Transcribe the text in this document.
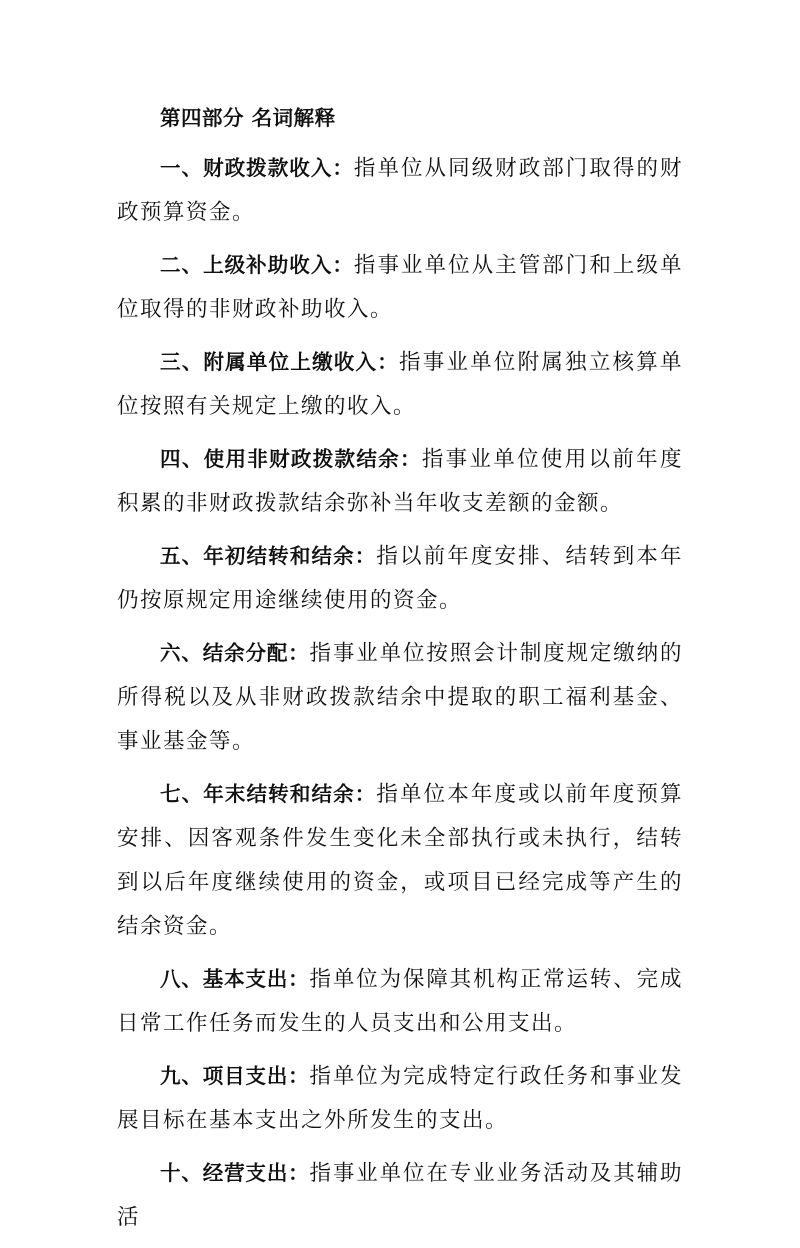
第四部分 名词解释

一、财政拨款收入：指单位从同级财政部门取得的财政预算资金。

二、上级补助收入：指事业单位从主管部门和上级单位取得的非财政补助收入。

三、附属单位上缴收入：指事业单位附属独立核算单位按照有关规定上缴的收入。

四、使用非财政拨款结余：指事业单位使用以前年度积累的非财政拨款结余弥补当年收支差额的金额。

五、年初结转和结余：指以前年度安排、结转到本年仍按原规定用途继续使用的资金。

六、结余分配：指事业单位按照会计制度规定缴纳的所得税以及从非财政拨款结余中提取的职工福利基金、事业基金等。

七、年末结转和结余：指单位本年度或以前年度预算安排、因客观条件发生变化未全部执行或未执行，结转到以后年度继续使用的资金，或项目已经完成等产生的结余资金。

八、基本支出：指单位为保障其机构正常运转、完成日常工作任务而发生的人员支出和公用支出。

九、项目支出：指单位为完成特定行政任务和事业发展目标在基本支出之外所发生的支出。

十、经营支出：指事业单位在专业业务活动及其辅助活
